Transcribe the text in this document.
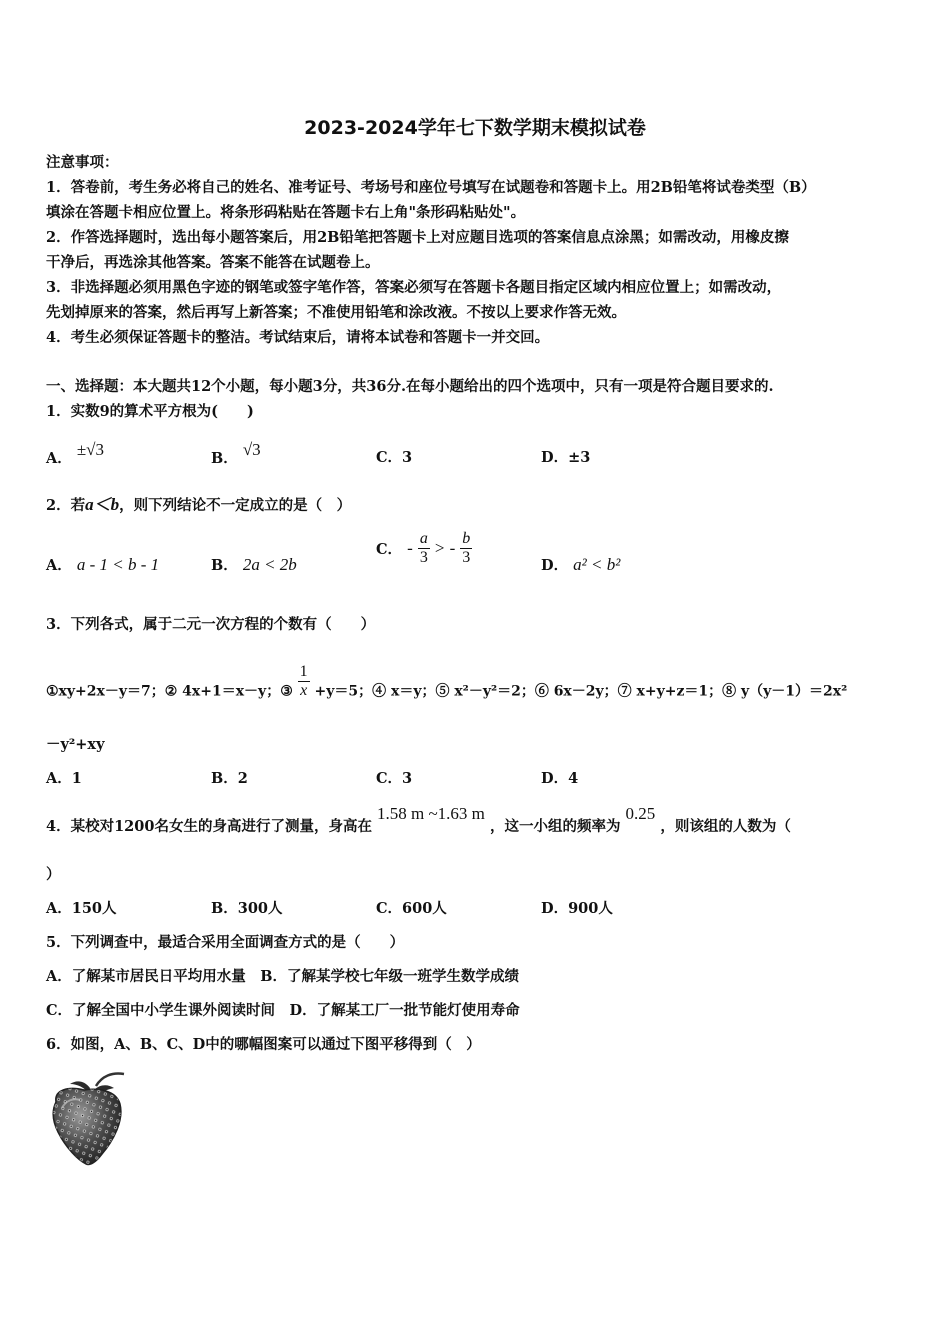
2023-2024学年七下数学期末模拟试卷
注意事项：
1．答卷前，考生务必将自己的姓名、准考证号、考场号和座位号填写在试题卷和答题卡上。用2B铅笔将试卷类型（B）
填涂在答题卡相应位置上。将条形码粘贴在答题卡右上角"条形码粘贴处"。
2．作答选择题时，选出每小题答案后，用2B铅笔把答题卡上对应题目选项的答案信息点涂黑；如需改动，用橡皮擦
干净后，再选涂其他答案。答案不能答在试题卷上。
3．非选择题必须用黑色字迹的钢笔或签字笔作答，答案必须写在答题卡各题目指定区域内相应位置上；如需改动，
先划掉原来的答案，然后再写上新答案；不准使用铅笔和涂改液。不按以上要求作答无效。
4．考生必须保证答题卡的整洁。考试结束后，请将本试卷和答题卡一并交回。
一、选择题：本大题共12个小题，每小题3分，共36分.在每小题给出的四个选项中，只有一项是符合题目要求的.
1．实数9的算术平方根为(　　)
A． ±√3	B． √3	C．3	D．±3
2．若a＜b，则下列结论不一定成立的是（　）
A． a - 1 < b - 1	B． 2a < 2b
C． - $\frac{a}{3}$ > - $\frac{b}{3}$	D． a² < b²
3．下列各式，属于二元一次方程的个数有（　　）
①xy+2x－y＝7；② 4x+1＝x－y；③ $\frac{1}{x} +y=5$；④ x＝y；⑤ x²－y²＝2；⑥ 6x－2y；⑦ x+y+z＝1；⑧ y（y－1）＝2x²
－y²+xy
A．1	B．2	C．3	D．4
4．某校对1200名女生的身高进行了测量，身高在 1.58 m ~1.63 m ，这一小组的频率为 0.25 ，则该组的人数为（
）
A．150人	B．300人	C．600人	D．900人
5．下列调查中，最适合采用全面调查方式的是（　　）
A．了解某市居民日平均用水量　B．了解某学校七年级一班学生数学成绩
C．了解全国中小学生课外阅读时间　D．了解某工厂一批节能灯使用寿命
6．如图，A、B、C、D中的哪幅图案可以通过下图平移得到（　）
